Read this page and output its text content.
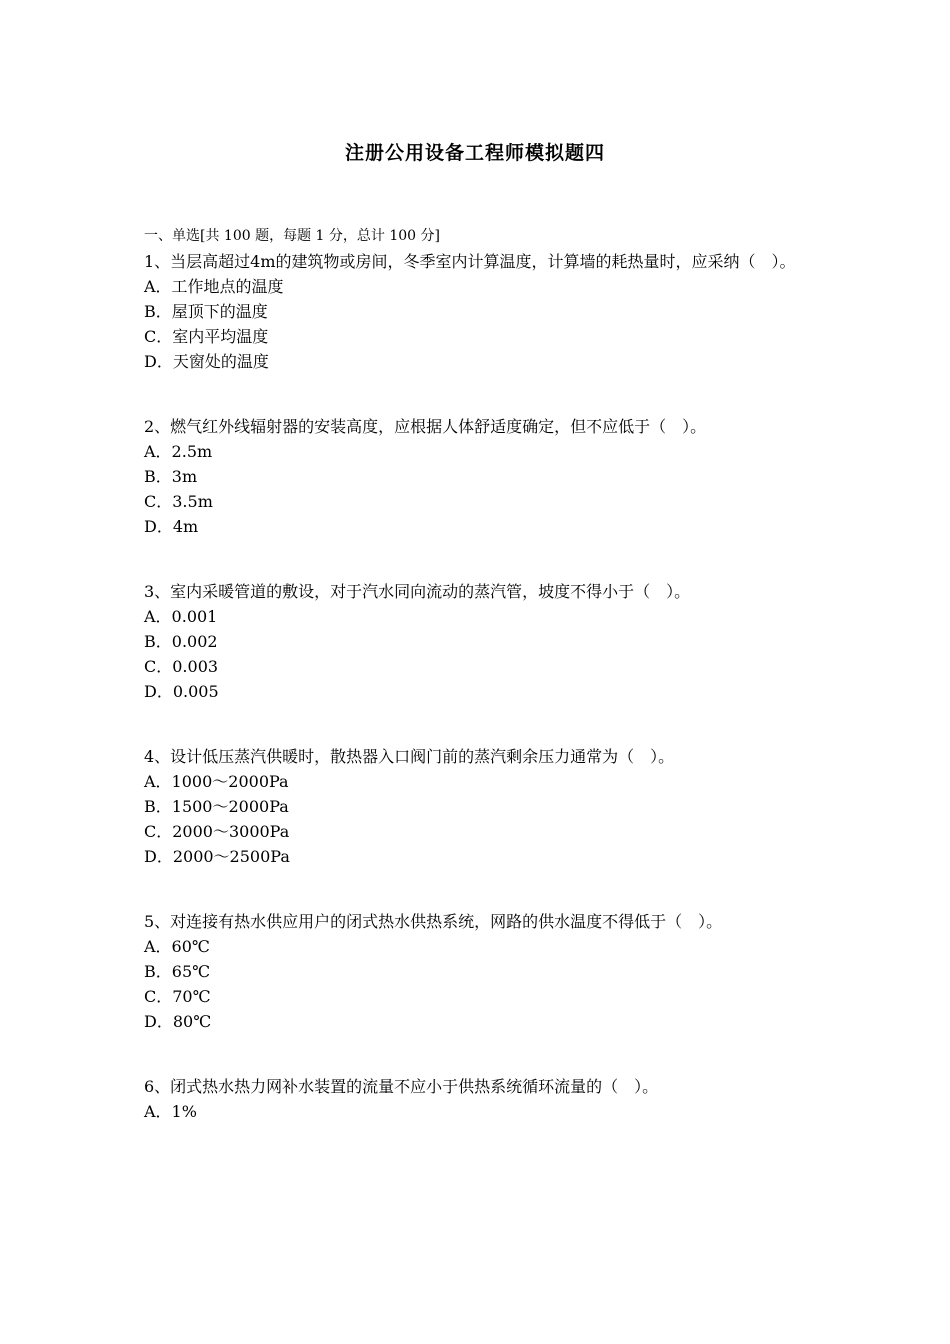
注册公用设备工程师模拟题四
一、单选[共 100 题，每题 1 分，总计 100 分]
1、当层高超过4m的建筑物或房间，冬季室内计算温度，计算墙的耗热量时，应采纳（　）。
A．工作地点的温度
B．屋顶下的温度
C．室内平均温度
D．天窗处的温度
2、燃气红外线辐射器的安装高度，应根据人体舒适度确定，但不应低于（　）。
A．2.5m
B．3m
C．3.5m
D．4m
3、室内采暖管道的敷设，对于汽水同向流动的蒸汽管，坡度不得小于（　）。
A．0.001
B．0.002
C．0.003
D．0.005
4、设计低压蒸汽供暖时，散热器入口阀门前的蒸汽剩余压力通常为（　）。
A．1000～2000Pa
B．1500～2000Pa
C．2000～3000Pa
D．2000～2500Pa
5、对连接有热水供应用户的闭式热水供热系统，网路的供水温度不得低于（　）。
A．60℃
B．65℃
C．70℃
D．80℃
6、闭式热水热力网补水装置的流量不应小于供热系统循环流量的（　）。
A．1%
